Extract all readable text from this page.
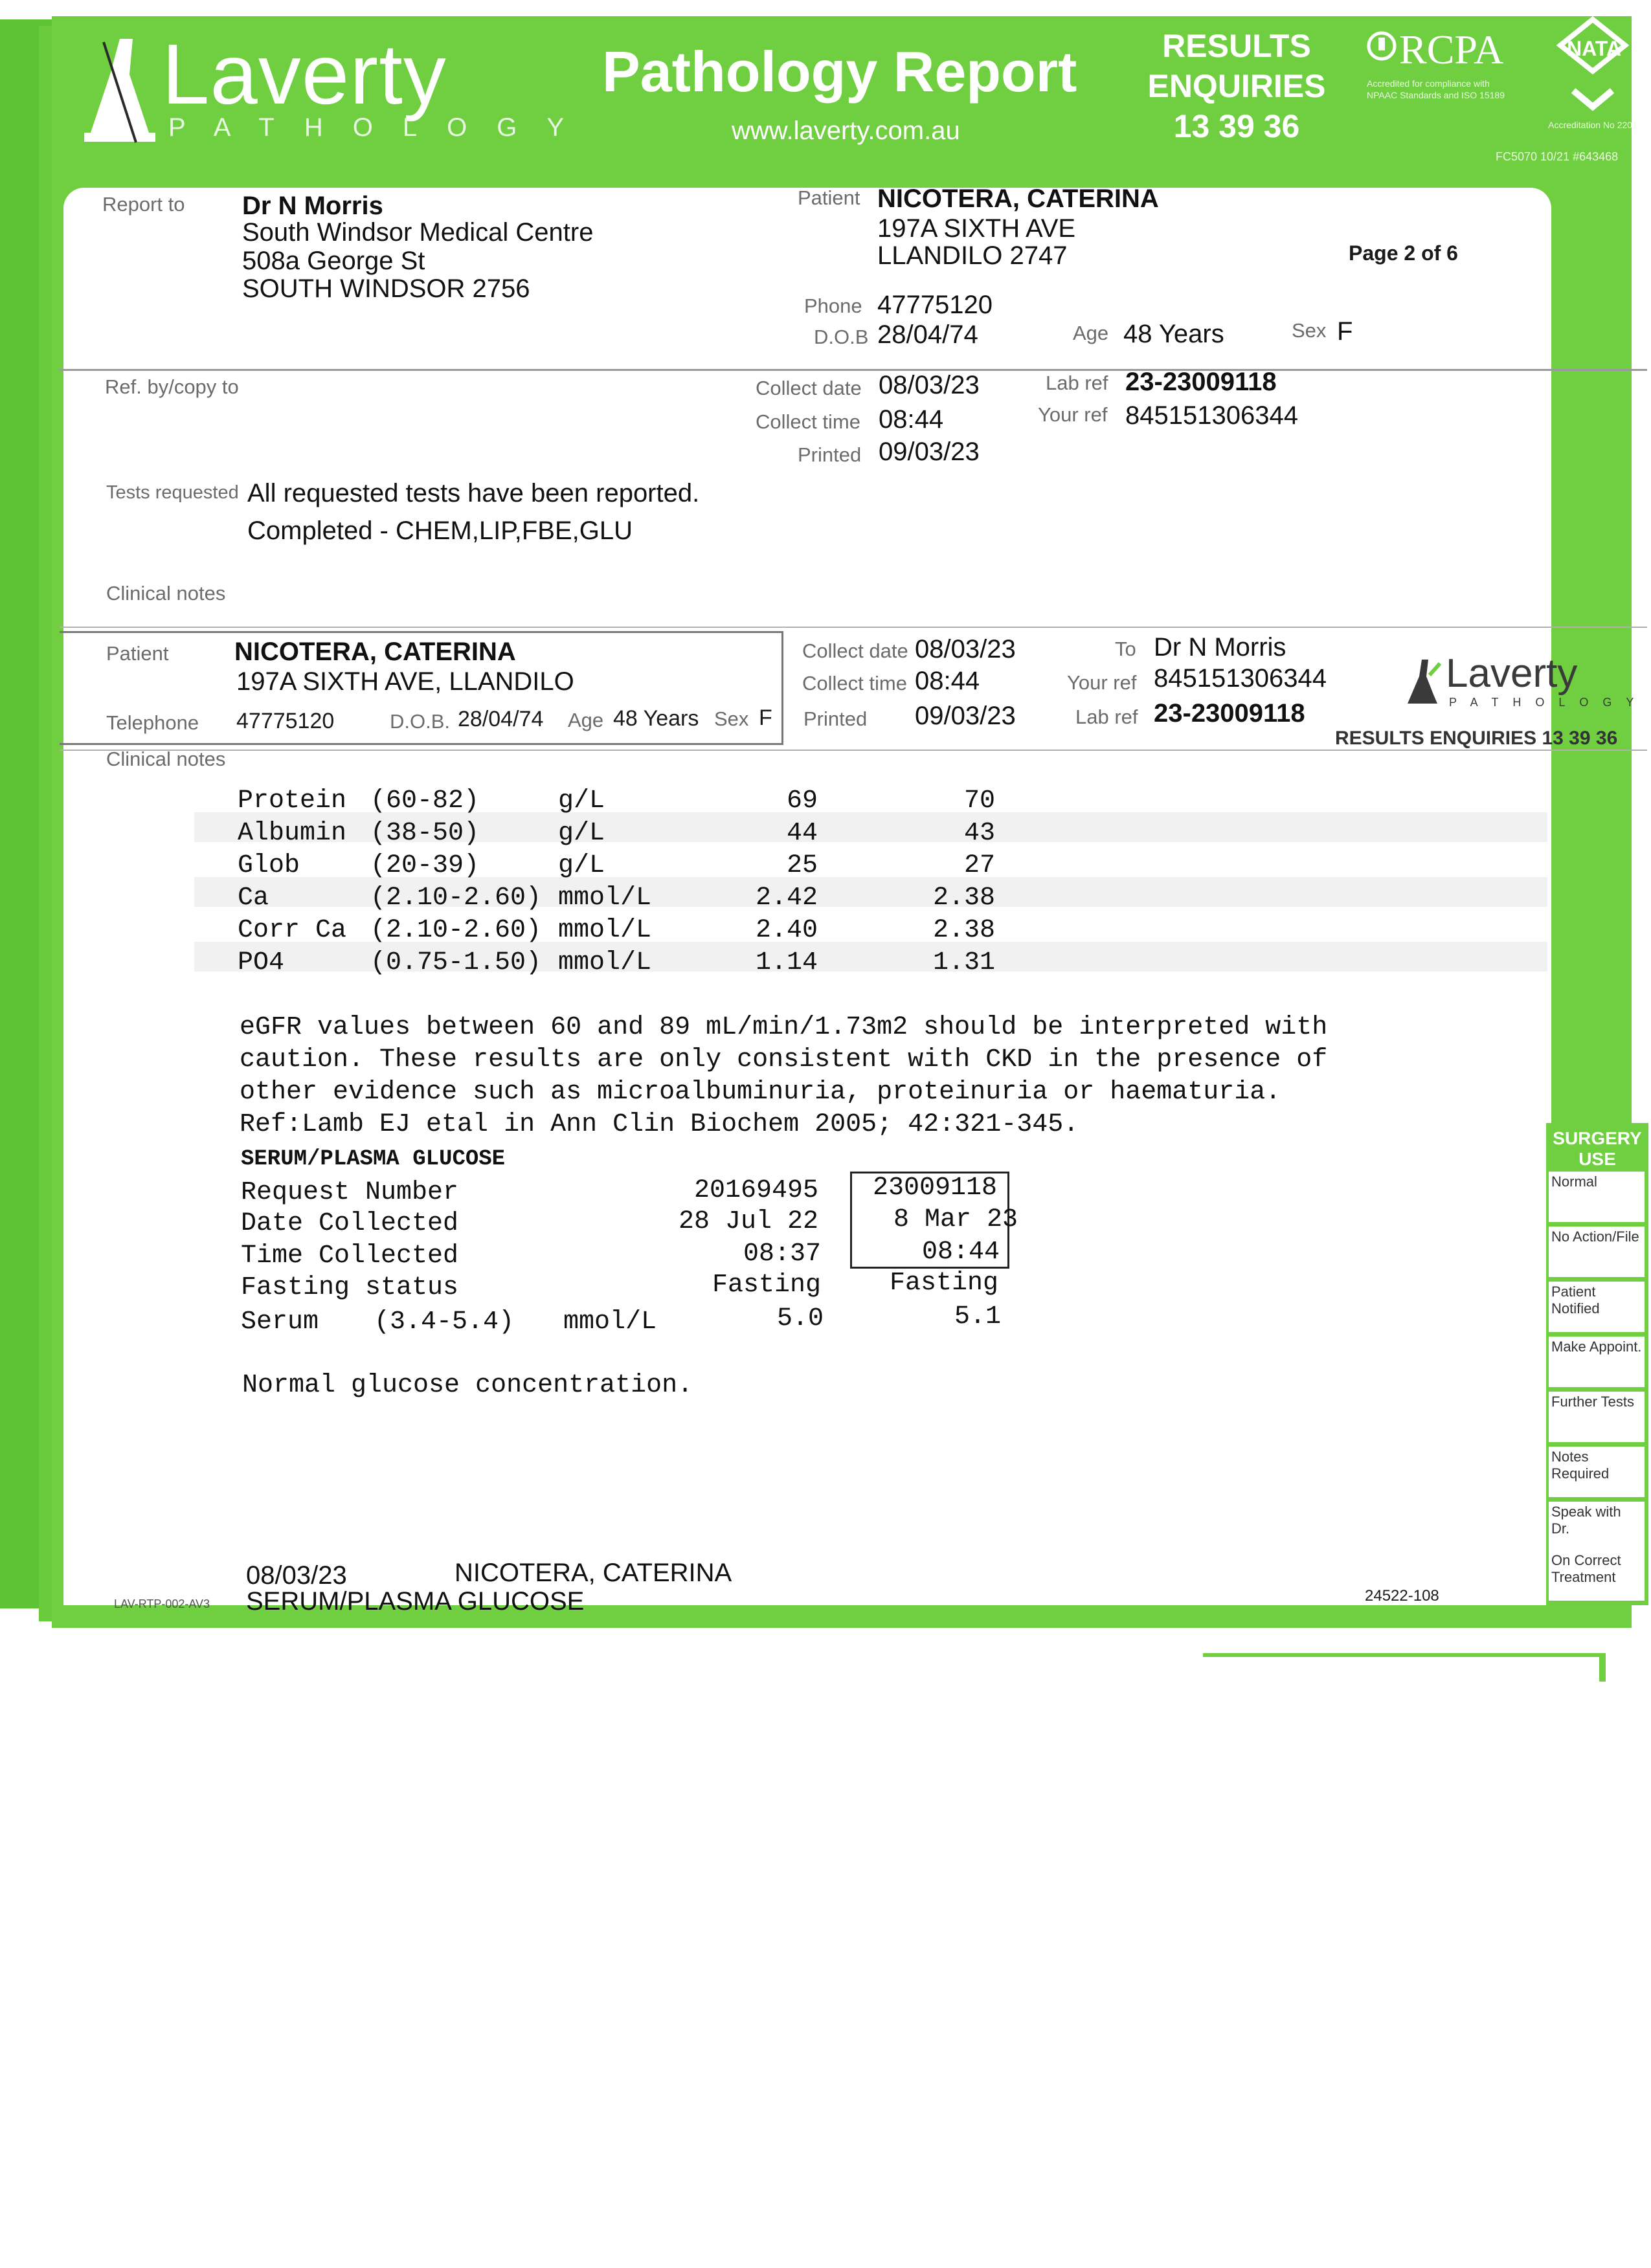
Laverty
PATHOLOGY
Pathology Report
www.laverty.com.au
RESULTS
ENQUIRIES
13 39 36
RCPA
Accredited for compliance with NPAAC Standards and ISO 15189
NATA
Accreditation No 2201
FC5070 10/21 #643468
Report to Dr N Morris
South Windsor Medical Centre
508a George St
SOUTH WINDSOR 2756
Patient NICOTERA, CATERINA
197A SIXTH AVE
LLANDILO 2747	Page 2 of 6
Phone 47775120
D.O.B 28/04/74	Age 48 Years	Sex F
Ref. by/copy to	Collect date 08/03/23
Collect time 08:44
Printed 09/03/23
Lab ref 23-23009118
Your ref 845151306344
Tests requested All requested tests have been reported.
Completed - CHEM,LIP,FBE,GLU
Clinical notes
Patient	NICOTERA, CATERINA
197A SIXTH AVE, LLANDILO
Telephone 47775120	D.O.B. 28/04/74 Age 48 Years Sex F
Collect date 08/03/23
Collect time 08:44
Printed 09/03/23
To Dr N Morris
Your ref 845151306344
Lab ref 23-23009118
Laverty
PATHOLOGY
RESULTS ENQUIRIES 13 39 36
Clinical notes
Protein (60-82)	g/L	69	70
Albumin (38-50)	g/L	44	43
Glob	(20-39)	g/L	25	27
Ca	(2.10-2.60) mmol/L	2.42	2.38
Corr Ca (2.10-2.60) mmol/L	2.40	2.38
PO4	(0.75-1.50) mmol/L	1.14	1.31
eGFR values between 60 and 89 mL/min/1.73m2 should be interpreted with
caution. These results are only consistent with CKD in the presence of
other evidence such as microalbuminuria, proteinuria or haematuria.
Ref:Lamb EJ etal in Ann Clin Biochem 2005; 42:321-345.
SERUM/PLASMA GLUCOSE
Request Number	20169495 23009118
Date Collected	28 Jul 22	8 Mar 23
Time Collected	08:37	08:44
Fasting status	Fasting	Fasting
Serum (3.4-5.4) mmol/L	5.0	5.1
Normal glucose concentration.
SURGERY USE
Normal
No Action/File
Patient Notified
Make Appoint.
Further Tests
Notes Required
Speak with Dr.
On Correct Treatment
LAV-RTP-002-AV3
08/03/23	NICOTERA, CATERINA
SERUM/PLASMA GLUCOSE	24522-108
